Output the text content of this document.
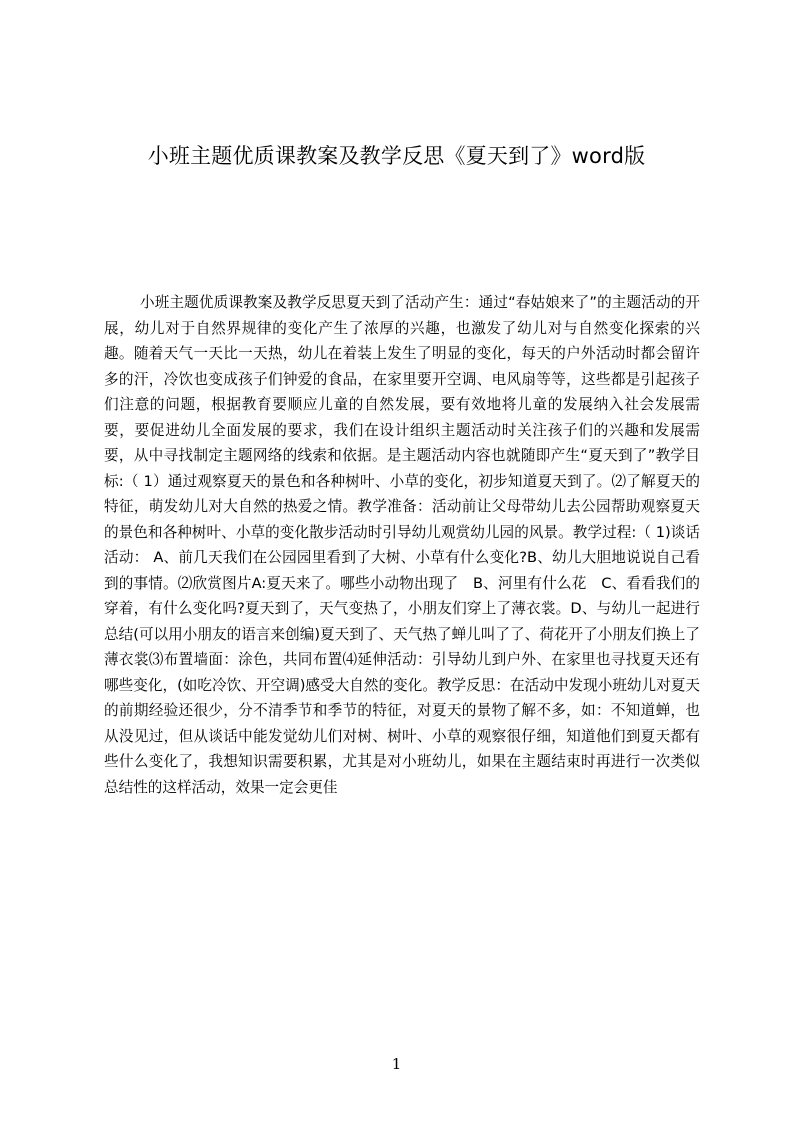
小班主题优质课教案及教学反思《夏天到了》word版

小班主题优质课教案及教学反思夏天到了活动产生：通过“春姑娘来了”的主题活动的开展，幼儿对于自然界规律的变化产生了浓厚的兴趣，也激发了幼儿对与自然变化探索的兴趣。随着天气一天比一天热，幼儿在着装上发生了明显的变化，每天的户外活动时都会留许多的汗，冷饮也变成孩子们钟爱的食品，在家里要开空调、电风扇等等，这些都是引起孩子们注意的问题，根据教育要顺应儿童的自然发展，要有效地将儿童的发展纳入社会发展需要，要促进幼儿全面发展的要求，我们在设计组织主题活动时关注孩子们的兴趣和发展需要，从中寻找制定主题网络的线索和依据。是主题活动内容也就随即产生“夏天到了”教学目标:（ 1）通过观察夏天的景色和各种树叶、小草的变化，初步知道夏天到了。⑵了解夏天的特征，萌发幼儿对大自然的热爱之情。教学准备：活动前让父母带幼儿去公园帮助观察夏天的景色和各种树叶、小草的变化散步活动时引导幼儿观赏幼儿园的风景。教学过程:（ 1)谈话活动： A、前几天我们在公园园里看到了大树、小草有什么变化?B、幼儿大胆地说说自己看到的事情。⑵欣赏图片A:夏天来了。哪些小动物出现了　B、河里有什么花　C、看看我们的穿着，有什么变化吗?夏天到了，天气变热了，小朋友们穿上了薄衣裳。D、与幼儿一起进行总结(可以用小朋友的语言来创编)夏天到了、天气热了蝉儿叫了了、荷花开了小朋友们换上了薄衣裳⑶布置墙面：涂色，共同布置⑷延伸活动：引导幼儿到户外、在家里也寻找夏天还有哪些变化，(如吃冷饮、开空调)感受大自然的变化。教学反思：在活动中发现小班幼儿对夏天的前期经验还很少，分不清季节和季节的特征，对夏天的景物了解不多，如：不知道蝉，也从没见过，但从谈话中能发觉幼儿们对树、树叶、小草的观察很仔细，知道他们到夏天都有些什么变化了，我想知识需要积累，尤其是对小班幼儿，如果在主题结束时再进行一次类似总结性的这样活动，效果一定会更佳

1
